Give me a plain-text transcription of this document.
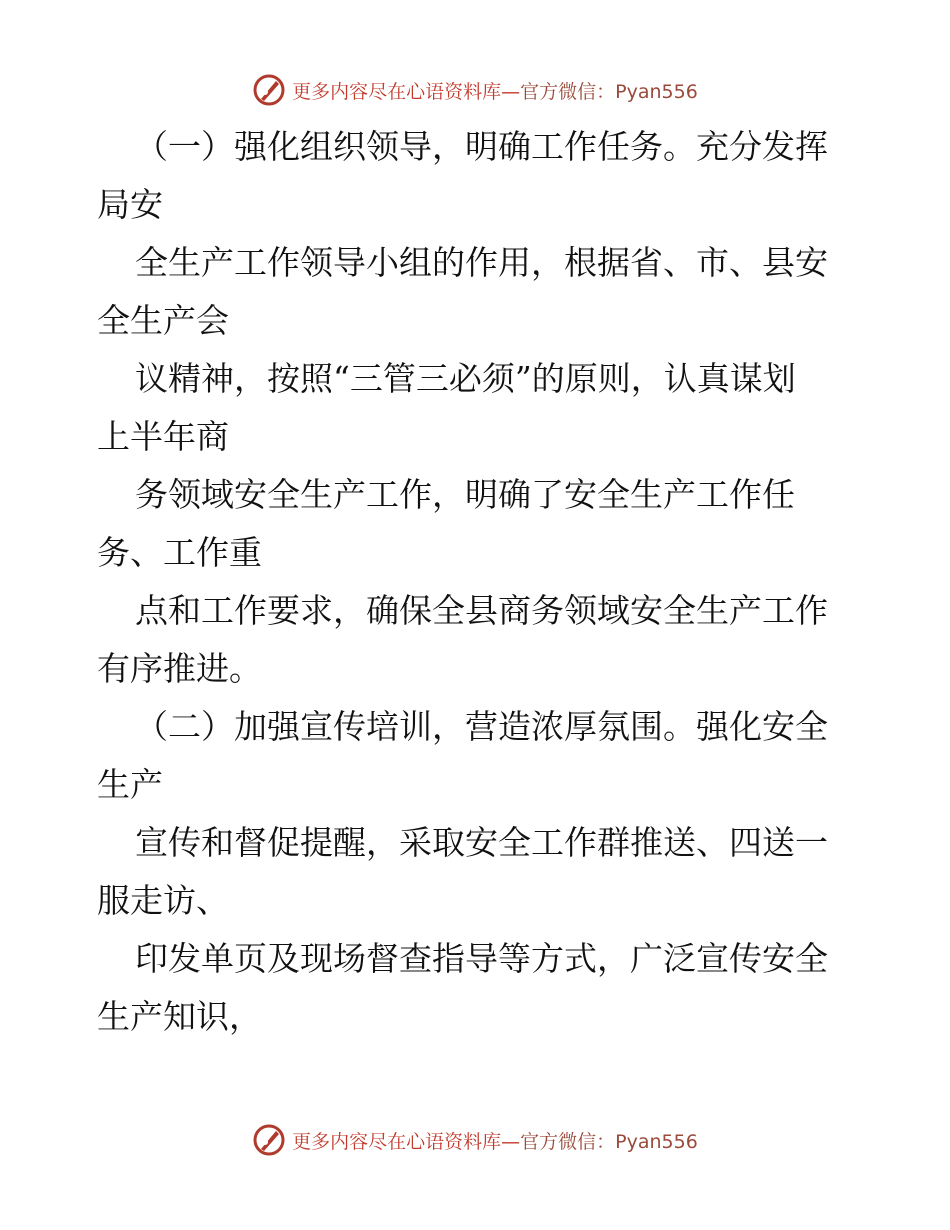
更多内容尽在心语资料库—官方微信：Pyan556

（一）强化组织领导，明确工作任务。充分发挥

局安

全生产工作领导小组的作用，根据省、市、县安

全生产会

议精神，按照“三管三必须”的原则，认真谋划

上半年商

务领域安全生产工作，明确了安全生产工作任

务、工作重

点和工作要求，确保全县商务领域安全生产工作

有序推进。

（二）加强宣传培训，营造浓厚氛围。强化安全

生产

宣传和督促提醒，采取安全工作群推送、四送一

服走访、

印发单页及现场督查指导等方式，广泛宣传安全

生产知识，

更多内容尽在心语资料库—官方微信：Pyan556
